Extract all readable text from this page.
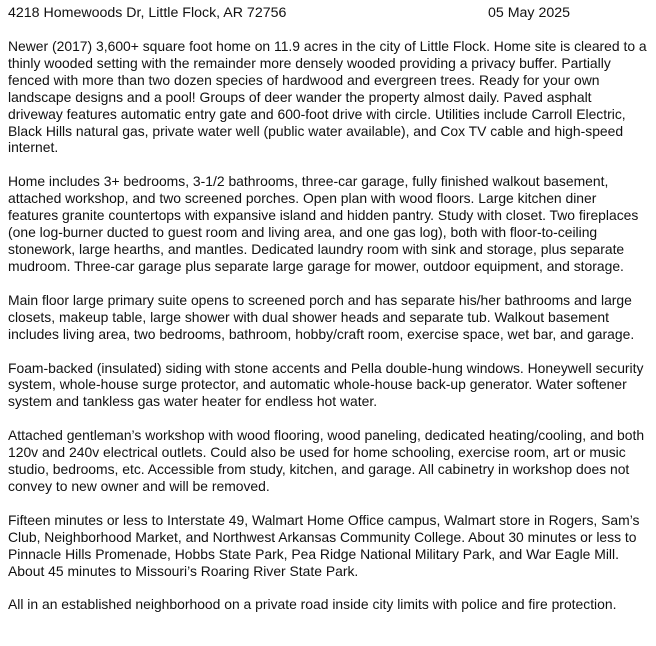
4218 Homewoods Dr, Little Flock, AR 72756	05 May 2025

Newer (2017) 3,600+ square foot home on 11.9 acres in the city of Little Flock. Home site is cleared to a thinly wooded setting with the remainder more densely wooded providing a privacy buffer. Partially fenced with more than two dozen species of hardwood and evergreen trees. Ready for your own landscape designs and a pool! Groups of deer wander the property almost daily. Paved asphalt driveway features automatic entry gate and 600-foot drive with circle. Utilities include Carroll Electric, Black Hills natural gas, private water well (public water available), and Cox TV cable and high-speed internet.

Home includes 3+ bedrooms, 3-1/2 bathrooms, three-car garage, fully finished walkout basement, attached workshop, and two screened porches. Open plan with wood floors. Large kitchen diner features granite countertops with expansive island and hidden pantry. Study with closet. Two fireplaces (one log-burner ducted to guest room and living area, and one gas log), both with floor-to-ceiling stonework, large hearths, and mantles. Dedicated laundry room with sink and storage, plus separate mudroom. Three-car garage plus separate large garage for mower, outdoor equipment, and storage.

Main floor large primary suite opens to screened porch and has separate his/her bathrooms and large closets, makeup table, large shower with dual shower heads and separate tub. Walkout basement includes living area, two bedrooms, bathroom, hobby/craft room, exercise space, wet bar, and garage.

Foam-backed (insulated) siding with stone accents and Pella double-hung windows. Honeywell security system, whole-house surge protector, and automatic whole-house back-up generator. Water softener system and tankless gas water heater for endless hot water.

Attached gentleman’s workshop with wood flooring, wood paneling, dedicated heating/cooling, and both 120v and 240v electrical outlets. Could also be used for home schooling, exercise room, art or music studio, bedrooms, etc. Accessible from study, kitchen, and garage. All cabinetry in workshop does not convey to new owner and will be removed.

Fifteen minutes or less to Interstate 49, Walmart Home Office campus, Walmart store in Rogers, Sam’s Club, Neighborhood Market, and Northwest Arkansas Community College. About 30 minutes or less to Pinnacle Hills Promenade, Hobbs State Park, Pea Ridge National Military Park, and War Eagle Mill. About 45 minutes to Missouri’s Roaring River State Park.

All in an established neighborhood on a private road inside city limits with police and fire protection.
